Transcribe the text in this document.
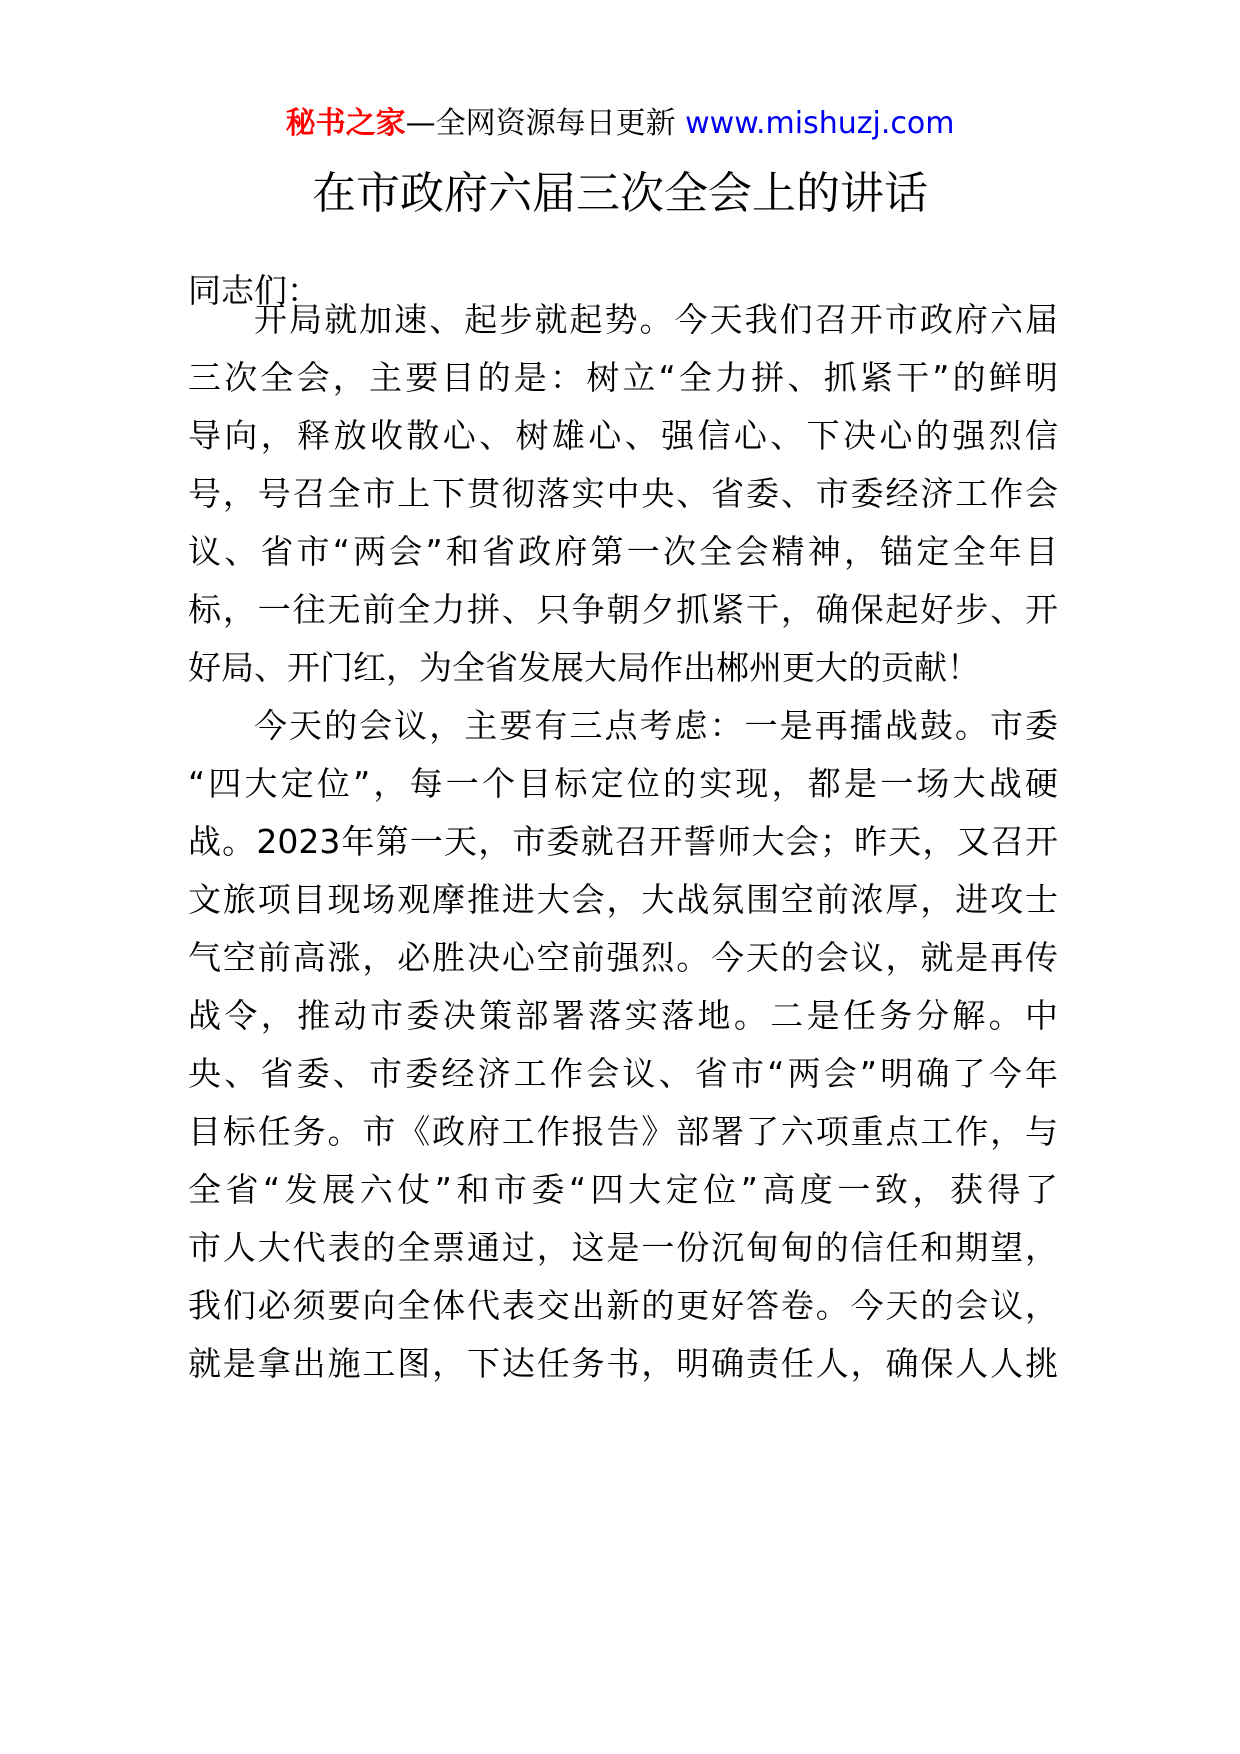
秘书之家—全网资源每日更新 www.mishuzj.com
在市政府六届三次全会上的讲话

同志们：

开局就加速、起步就起势。今天我们召开市政府六届

三次全会，主要目的是：树立“全力拼、抓紧干”的鲜明

导向，释放收散心、树雄心、强信心、下决心的强烈信

号，号召全市上下贯彻落实中央、省委、市委经济工作会

议、省市“两会”和省政府第一次全会精神，锚定全年目

标，一往无前全力拼、只争朝夕抓紧干，确保起好步、开

好局、开门红，为全省发展大局作出郴州更大的贡献！

今天的会议，主要有三点考虑：一是再擂战鼓。市委

“四大定位”，每一个目标定位的实现，都是一场大战硬

战。2023年第一天，市委就召开誓师大会；昨天，又召开

文旅项目现场观摩推进大会，大战氛围空前浓厚，进攻士

气空前高涨，必胜决心空前强烈。今天的会议，就是再传

战令，推动市委决策部署落实落地。二是任务分解。中

央、省委、市委经济工作会议、省市“两会”明确了今年

目标任务。市《政府工作报告》部署了六项重点工作，与

全省“发展六仗”和市委“四大定位”高度一致，获得了

市人大代表的全票通过，这是一份沉甸甸的信任和期望，

我们必须要向全体代表交出新的更好答卷。今天的会议，

就是拿出施工图，下达任务书，明确责任人，确保人人挑
